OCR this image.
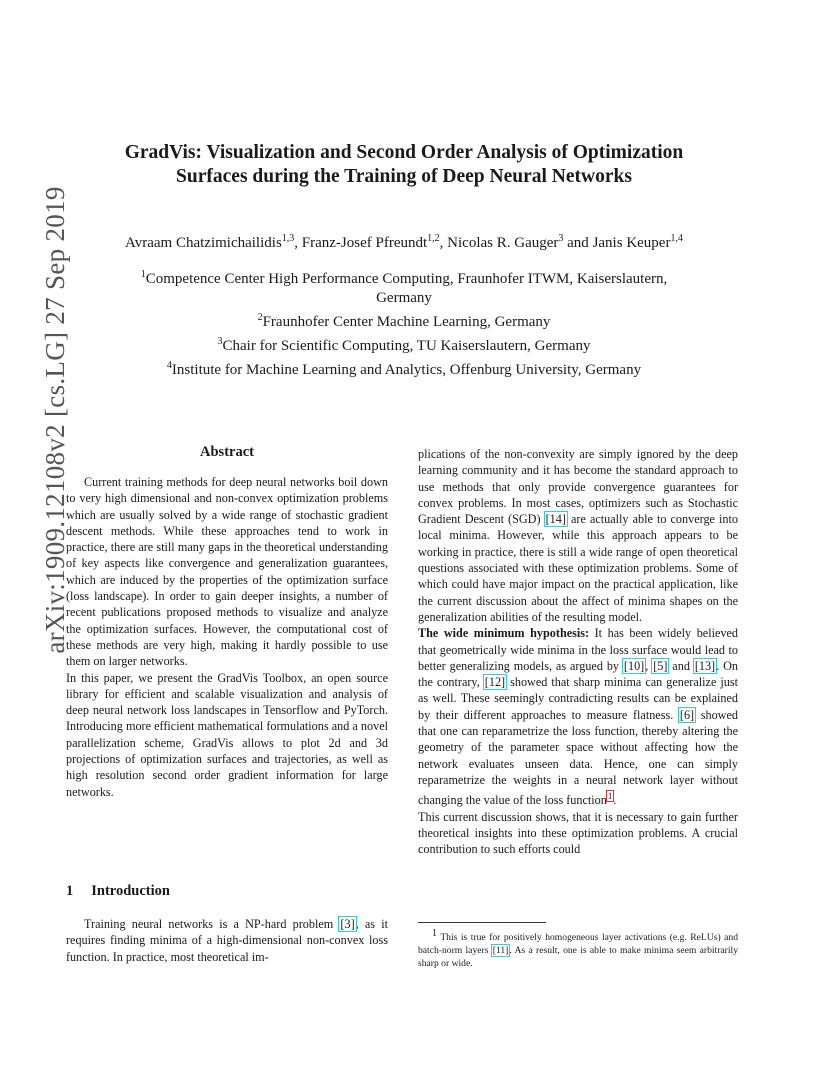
arXiv:1909.12108v2 [cs.LG] 27 Sep 2019
GradVis: Visualization and Second Order Analysis of Optimization
Surfaces during the Training of Deep Neural Networks
Avraam Chatzimichailidis$^{1,3}$, Franz-Josef Pfreundt$^{1,2}$, Nicolas R. Gauger$^3$ and Janis Keuper$^{1,4}$
$^1$Competence Center High Performance Computing, Fraunhofer ITWM, Kaiserslautern,
Germany
$^2$Fraunhofer Center Machine Learning, Germany
$^3$Chair for Scientific Computing, TU Kaiserslautern, Germany
$^4$Institute for Machine Learning and Analytics, Offenburg University, Germany
Abstract

Current training methods for deep neural networks boil down to very high dimensional and non-convex optimization problems which are usually solved by a wide range of stochastic gradient descent methods. While these approaches tend to work in practice, there are still many gaps in the theoretical understanding of key aspects like convergence and generalization guarantees, which are induced by the properties of the optimization surface (loss landscape). In order to gain deeper insights, a number of recent publications proposed methods to visualize and analyze the optimization surfaces. However, the computational cost of these methods are very high, making it hardly possible to use them on larger networks.

In this paper, we present the GradVis Toolbox, an open source library for efficient and scalable visualization and analysis of deep neural network loss landscapes in Tensorflow and PyTorch. Introducing more efficient mathematical formulations and a novel parallelization scheme, GradVis allows to plot 2d and 3d projections of optimization surfaces and trajectories, as well as high resolution second order gradient information for large networks.

1 Introduction

Training neural networks is a NP-hard problem [3], as it requires finding minima of a high-dimensional non-convex loss function. In practice, most theoretical im-

plications of the non-convexity are simply ignored by the deep learning community and it has become the standard approach to use methods that only provide convergence guarantees for convex problems. In most cases, optimizers such as Stochastic Gradient Descent (SGD) [14] are actually able to converge into local minima. However, while this approach appears to be working in practice, there is still a wide range of open theoretical questions associated with these optimization problems. Some of which could have major impact on the practical application, like the current discussion about the affect of minima shapes on the generalization abilities of the resulting model.

The wide minimum hypothesis: It has been widely believed that geometrically wide minima in the loss surface would lead to better generalizing models, as argued by [10], [5] and [13]. On the contrary, [12] showed that sharp minima can generalize just as well. These seemingly contradicting results can be explained by their different approaches to measure flatness. [6] showed that one can reparametrize the loss function, thereby altering the geometry of the parameter space without affecting how the network evaluates unseen data. Hence, one can simply reparametrize the weights in a neural network layer without changing the value of the loss function$^1$.

This current discussion shows, that it is necessary to gain further theoretical insights into these optimization problems. A crucial contribution to such efforts could

$^1$ This is true for positively homogeneous layer activations (e.g. ReLUs) and batch-norm layers [11]. As a result, one is able to make minima seem arbitrarily sharp or wide.
